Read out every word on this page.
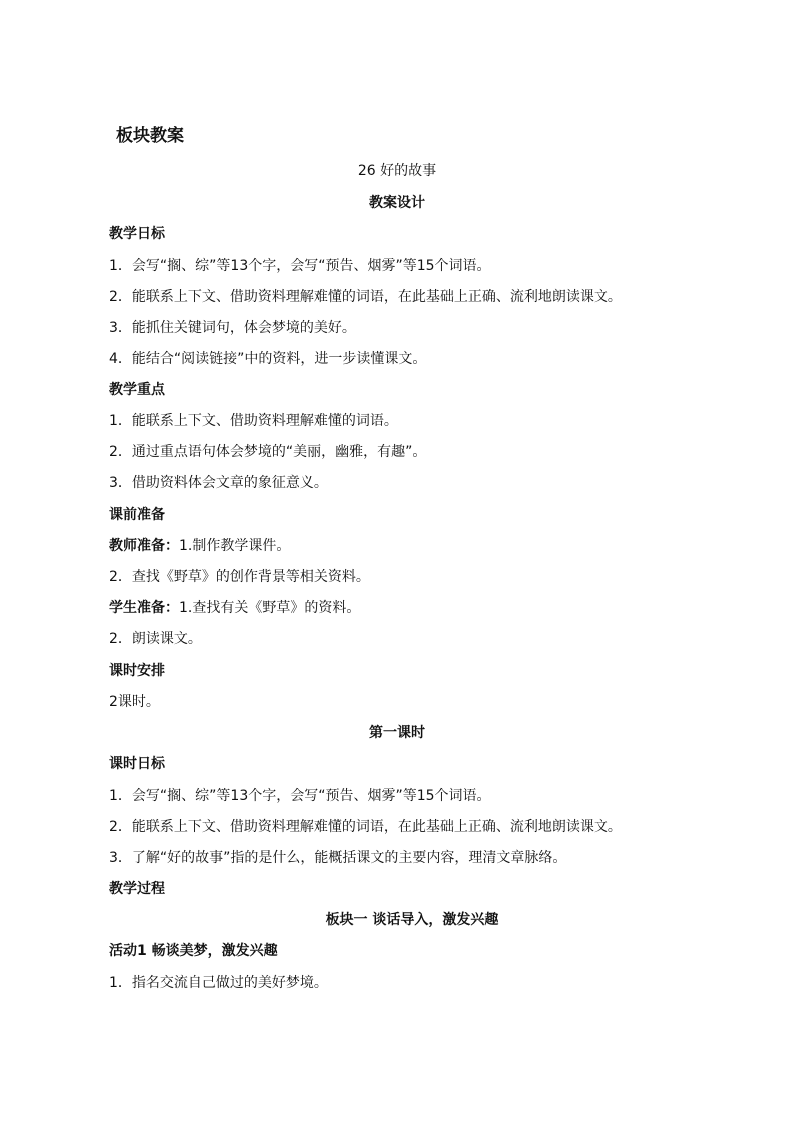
板块教案
26 好的故事
教案设计
教学日标
1．会写“搁、综”等13个字，会写“预告、烟雾”等15个词语。
2．能联系上下文、借助资料理解难懂的词语，在此基础上正确、流利地朗读课文。
3．能抓住关键词句，体会梦境的美好。
4．能结合“阅读链接”中的资料，进一步读懂课文。
教学重点
1．能联系上下文、借助资料理解难懂的词语。
2．通过重点语句体会梦境的“美丽，幽雅，有趣”。
3．借助资料体会文章的象征意义。
课前准备
教师准备：1.制作教学课件。
2．查找《野草》的创作背景等相关资料。
学生准备：1.查找有关《野草》的资料。
2．朗读课文。
课时安排
2课时。
第一课时
课时日标
1．会写“搁、综”等13个字，会写“预告、烟雾”等15个词语。
2．能联系上下文、借助资料理解难懂的词语，在此基础上正确、流利地朗读课文。
3．了解“好的故事”指的是什么，能概括课文的主要内容，理清文章脉络。
教学过程
板块一 谈话导入，激发兴趣
活动1 畅谈美梦，激发兴趣
1．指名交流自己做过的美好梦境。
